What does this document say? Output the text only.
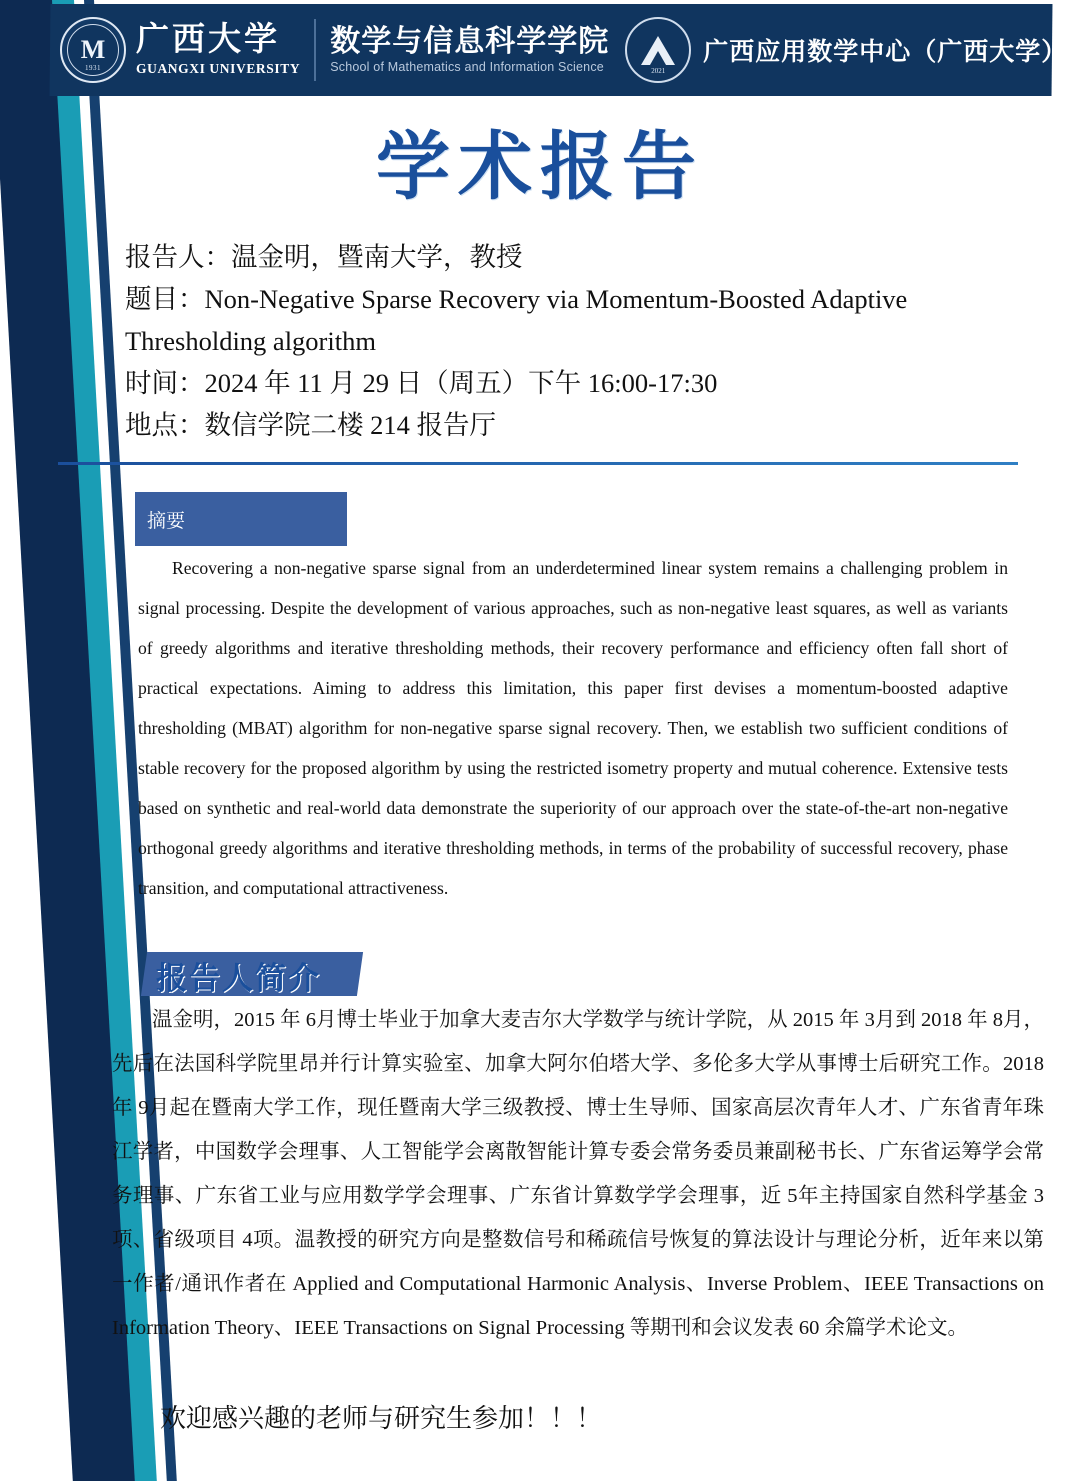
M
1931
广西大学
GUANGXI UNIVERSITY
数学与信息科学学院
School of Mathematics and Information Science	2021
广西应用数学中心（广西大学）
学术报告
报告人：温金明，暨南大学，教授
题目：Non-Negative Sparse Recovery via Momentum-Boosted Adaptive Thresholding algorithm
时间：2024 年 11 月 29 日（周五）下午 16:00-17:30
地点：数信学院二楼 214 报告厅
摘要
Recovering a non-negative sparse signal from an underdetermined linear system remains a challenging problem in signal processing. Despite the development of various approaches, such as non-negative least squares, as well as variants of greedy algorithms and iterative thresholding methods, their recovery performance and efficiency often fall short of practical expectations. Aiming to address this limitation, this paper first devises a momentum-boosted adaptive thresholding (MBAT) algorithm for non-negative sparse signal recovery. Then, we establish two sufficient conditions of stable recovery for the proposed algorithm by using the restricted isometry property and mutual coherence. Extensive tests based on synthetic and real-world data demonstrate the superiority of our approach over the state-of-the-art non-negative orthogonal greedy algorithms and iterative thresholding methods, in terms of the probability of successful recovery, phase transition, and computational attractiveness.
报告人简介
温金明，2015 年 6月博士毕业于加拿大麦吉尔大学数学与统计学院，从 2015 年 3月到 2018 年 8月，先后在法国科学院里昂并行计算实验室、加拿大阿尔伯塔大学、多伦多大学从事博士后研究工作。2018 年 9月起在暨南大学工作，现任暨南大学三级教授、博士生导师、国家高层次青年人才、广东省青年珠江学者，中国数学会理事、人工智能学会离散智能计算专委会常务委员兼副秘书长、广东省运筹学会常务理事、广东省工业与应用数学学会理事、广东省计算数学学会理事，近 5年主持国家自然科学基金 3项、省级项目 4项。温教授的研究方向是整数信号和稀疏信号恢复的算法设计与理论分析，近年来以第一作者/通讯作者在 Applied and Computational Harmonic Analysis、Inverse Problem、IEEE Transactions on Information Theory、IEEE Transactions on Signal Processing 等期刊和会议发表 60 余篇学术论文。
欢迎感兴趣的老师与研究生参加！！！
